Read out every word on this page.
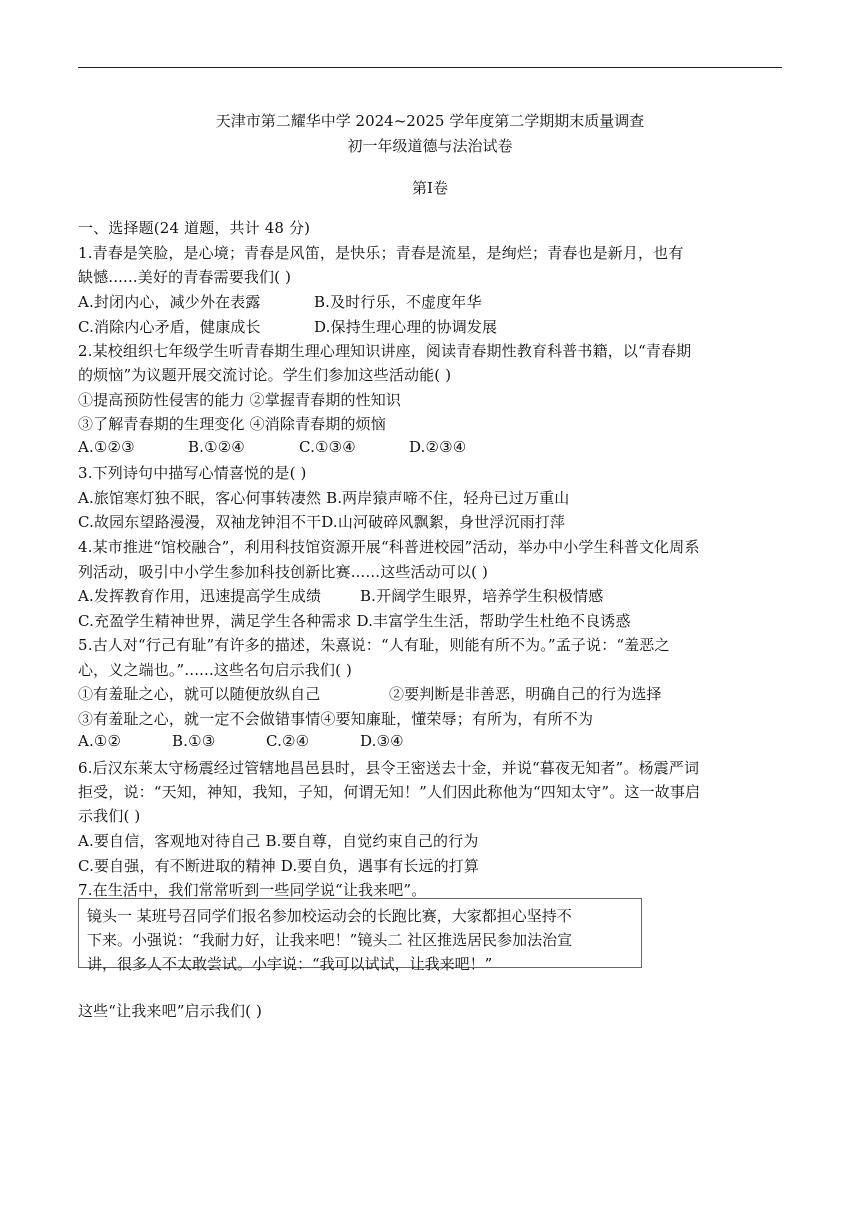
天津市第二耀华中学 2024~2025 学年度第二学期期末质量调查
初一年级道德与法治试卷
第Ⅰ卷
一、选择题(24 道题，共计 48 分)
1.青春是笑脸，是心境；青春是风笛，是快乐；青春是流星，是绚烂；青春也是新月，也有
缺憾......美好的青春需要我们( )
A.封闭内心，减少外在表露	B.及时行乐，不虚度年华
C.消除内心矛盾，健康成长	D.保持生理心理的协调发展
2.某校组织七年级学生听青春期生理心理知识讲座，阅读青春期性教育科普书籍，以“青春期
的烦恼”为议题开展交流讨论。学生们参加这些活动能( )
①提高预防性侵害的能力 ②掌握青春期的性知识
③了解青春期的生理变化 ④消除青春期的烦恼
A.①②③	B.①②④	C.①③④	D.②③④
3.下列诗句中描写心情喜悦的是( )
A.旅馆寒灯独不眠，客心何事转凄然 B.两岸猿声啼不住，轻舟已过万重山
C.故园东望路漫漫，双袖龙钟泪不干D.山河破碎风飘絮，身世浮沉雨打萍
4.某市推进“馆校融合”，利用科技馆资源开展“科普进校园”活动，举办中小学生科普文化周系
列活动，吸引中小学生参加科技创新比赛......这些活动可以( )
A.发挥教育作用，迅速提高学生成绩	B.开阔学生眼界，培养学生积极情感
C.充盈学生精神世界，满足学生各种需求 D.丰富学生生活，帮助学生杜绝不良诱惑
5.古人对“行己有耻”有许多的描述，朱熹说：“人有耻，则能有所不为。”孟子说：“羞恶之
心，义之端也。”......这些名句启示我们( )
①有羞耻之心，就可以随便放纵自己	②要判断是非善恶，明确自己的行为选择
③有羞耻之心，就一定不会做错事情④要知廉耻，懂荣辱；有所为，有所不为
A.①②	B.①③	C.②④	D.③④
6.后汉东莱太守杨震经过管辖地昌邑县时，县令王密送去十金，并说“暮夜无知者”。杨震严词
拒受，说：“天知，神知，我知，子知，何谓无知！”人们因此称他为“四知太守”。这一故事启
示我们( )
A.要自信，客观地对待自己 B.要自尊，自觉约束自己的行为
C.要自强，有不断进取的精神 D.要自负，遇事有长远的打算
7.在生活中，我们常常听到一些同学说“让我来吧”。
镜头一 某班号召同学们报名参加校运动会的长跑比赛，大家都担心坚持不
下来。小强说：“我耐力好，让我来吧！”镜头二 社区推选居民参加法治宣
讲，很多人不太敢尝试。小宇说：“我可以试试，让我来吧！”
这些“让我来吧”启示我们( )
